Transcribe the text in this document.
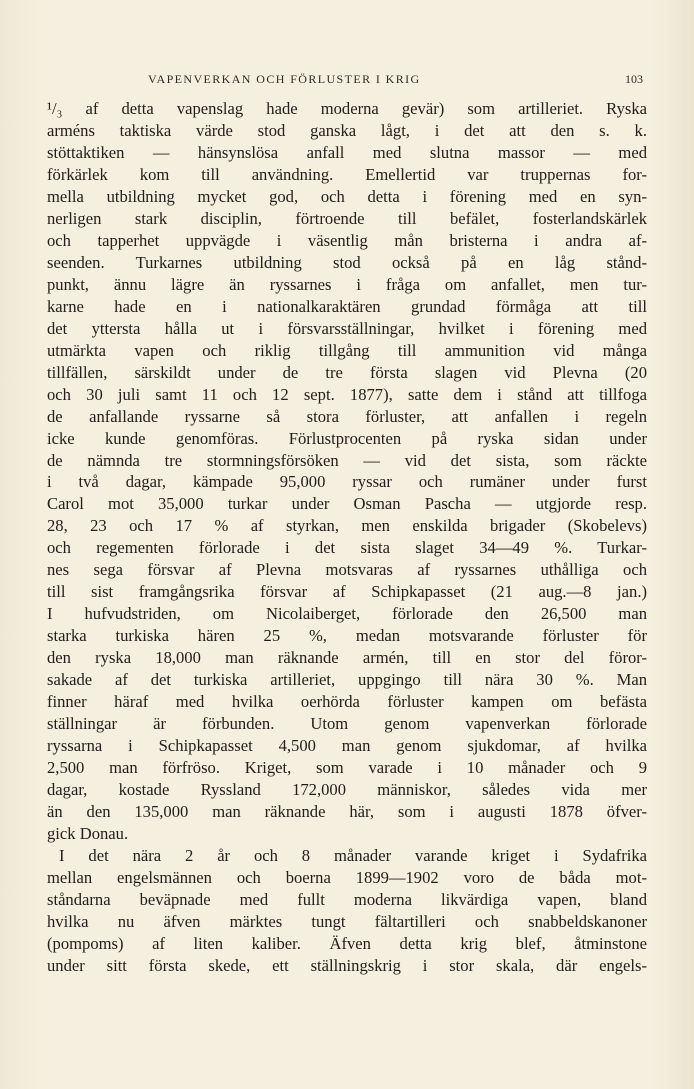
VAPENVERKAN OCH FÖRLUSTER I KRIG	103
¹/₃ af detta vapenslag hade moderna gevär) som artilleriet. Ryska
arméns taktiska värde stod ganska lågt, i det att den s. k.
stöttaktiken — hänsynslösa anfall med slutna massor — med
förkärlek kom till användning. Emellertid var truppernas for-
mella utbildning mycket god, och detta i förening med en syn-
nerligen stark disciplin, förtroende till befälet, fosterlandskärlek
och tapperhet uppvägde i väsentlig mån bristerna i andra af-
seenden. Turkarnes utbildning stod också på en låg stånd-
punkt, ännu lägre än ryssarnes i fråga om anfallet, men tur-
karne hade en i nationalkaraktären grundad förmåga att till
det yttersta hålla ut i försvarsställningar, hvilket i förening med
utmärkta vapen och riklig tillgång till ammunition vid många
tillfällen, särskildt under de tre första slagen vid Plevna (20
och 30 juli samt 11 och 12 sept. 1877), satte dem i stånd att tillfoga
de anfallande ryssarne så stora förluster, att anfallen i regeln
icke kunde genomföras. Förlustprocenten på ryska sidan under
de nämnda tre stormningsförsöken — vid det sista, som räckte
i två dagar, kämpade 95,000 ryssar och rumäner under furst
Carol mot 35,000 turkar under Osman Pascha — utgjorde resp.
28, 23 och 17 % af styrkan, men enskilda brigader (Skobelevs)
och regementen förlorade i det sista slaget 34—49 %. Turkar-
nes sega försvar af Plevna motsvaras af ryssarnes uthålliga och
till sist framgångsrika försvar af Schipkapasset (21 aug.—8 jan.)
I hufvudstriden, om Nicolaiberget, förlorade den 26,500 man
starka turkiska hären 25 %, medan motsvarande förluster för
den ryska 18,000 man räknande armén, till en stor del föror-
sakade af det turkiska artilleriet, uppgingo till nära 30 %. Man
finner häraf med hvilka oerhörda förluster kampen om befästa
ställningar är förbunden. Utom genom vapenverkan förlorade
ryssarna i Schipkapasset 4,500 man genom sjukdomar, af hvilka
2,500 man förfröso. Kriget, som varade i 10 månader och 9
dagar, kostade Ryssland 172,000 människor, således vida mer
än den 135,000 man räknande här, som i augusti 1878 öfver-
gick Donau.
I det nära 2 år och 8 månader varande kriget i Sydafrika
mellan engelsmännen och boerna 1899—1902 voro de båda mot-
ståndarna beväpnade med fullt moderna likvärdiga vapen, bland
hvilka nu äfven märktes tungt fältartilleri och snabbeldskanoner
(pompoms) af liten kaliber. Äfven detta krig blef, åtminstone
under sitt första skede, ett ställningskrig i stor skala, där engels-
